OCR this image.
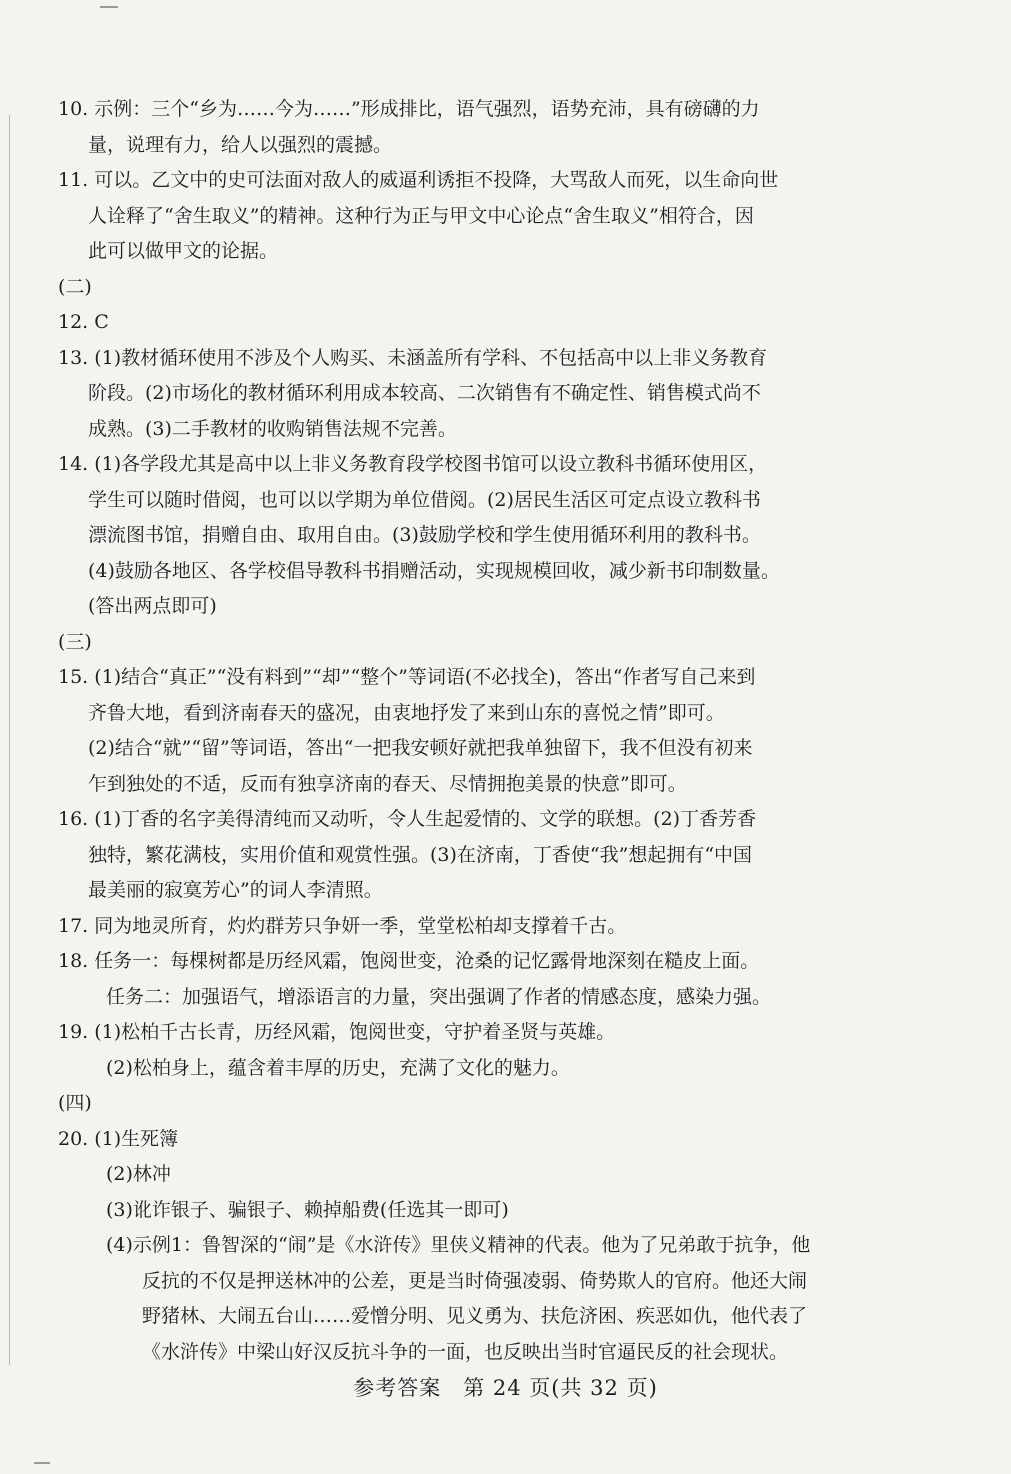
10. 示例：三个“乡为……今为……”形成排比，语气强烈，语势充沛，具有磅礴的力

量，说理有力，给人以强烈的震撼。

11. 可以。乙文中的史可法面对敌人的威逼利诱拒不投降，大骂敌人而死，以生命向世

人诠释了“舍生取义”的精神。这种行为正与甲文中心论点“舍生取义”相符合，因

此可以做甲文的论据。

(二)

12. C

13. (1)教材循环使用不涉及个人购买、未涵盖所有学科、不包括高中以上非义务教育

阶段。(2)市场化的教材循环利用成本较高、二次销售有不确定性、销售模式尚不

成熟。(3)二手教材的收购销售法规不完善。

14. (1)各学段尤其是高中以上非义务教育段学校图书馆可以设立教科书循环使用区，

学生可以随时借阅，也可以以学期为单位借阅。(2)居民生活区可定点设立教科书

漂流图书馆，捐赠自由、取用自由。(3)鼓励学校和学生使用循环利用的教科书。

(4)鼓励各地区、各学校倡导教科书捐赠活动，实现规模回收，减少新书印制数量。

(答出两点即可)

(三)

15. (1)结合“真正”“没有料到”“却”“整个”等词语(不必找全)，答出“作者写自己来到

齐鲁大地，看到济南春天的盛况，由衷地抒发了来到山东的喜悦之情”即可。

(2)结合“就”“留”等词语，答出“一把我安顿好就把我单独留下，我不但没有初来

乍到独处的不适，反而有独享济南的春天、尽情拥抱美景的快意”即可。

16. (1)丁香的名字美得清纯而又动听，令人生起爱情的、文学的联想。(2)丁香芳香

独特，繁花满枝，实用价值和观赏性强。(3)在济南，丁香使“我”想起拥有“中国

最美丽的寂寞芳心”的词人李清照。

17. 同为地灵所育，灼灼群芳只争妍一季，堂堂松柏却支撑着千古。

18. 任务一：每棵树都是历经风霜，饱阅世变，沧桑的记忆露骨地深刻在糙皮上面。

任务二：加强语气，增添语言的力量，突出强调了作者的情感态度，感染力强。

19. (1)松柏千古长青，历经风霜，饱阅世变，守护着圣贤与英雄。

(2)松柏身上，蕴含着丰厚的历史，充满了文化的魅力。

(四)

20. (1)生死簿

(2)林冲

(3)讹诈银子、骗银子、赖掉船费(任选其一即可)

(4)示例1：鲁智深的“闹”是《水浒传》里侠义精神的代表。他为了兄弟敢于抗争，他

反抗的不仅是押送林冲的公差，更是当时倚强凌弱、倚势欺人的官府。他还大闹

野猪林、大闹五台山……爱憎分明、见义勇为、扶危济困、疾恶如仇，他代表了

《水浒传》中梁山好汉反抗斗争的一面，也反映出当时官逼民反的社会现状。

参考答案　第 24 页(共 32 页)
